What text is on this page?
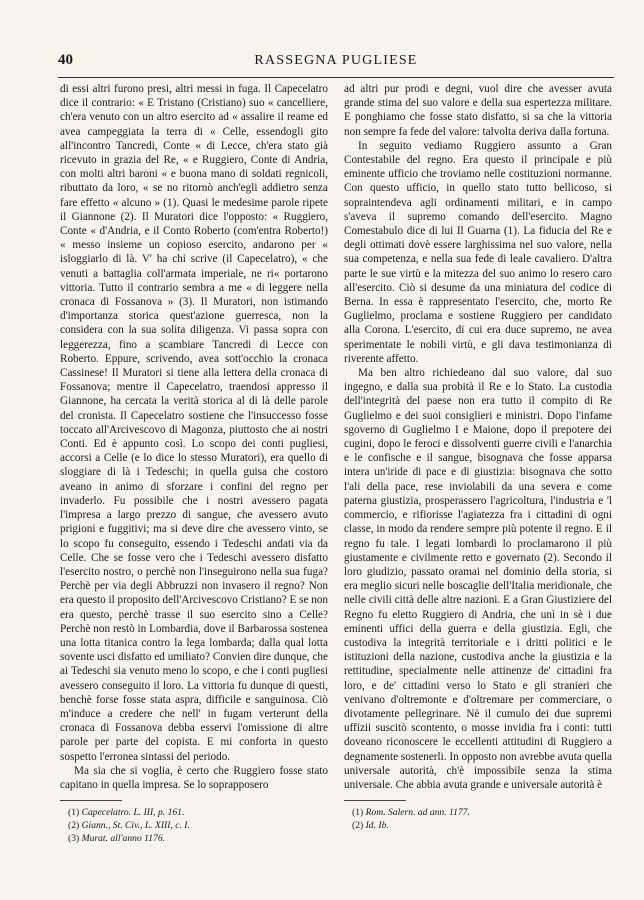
40	RASSEGNA PUGLIESE

di essi altri furono presi, altri messi in fuga. Il Capecelatro dice il contrario: « E Tristano (Cristiano) suo « cancelliere, ch'era venuto con un altro esercito ad « assalire il reame ed avea campeggiata la terra di « Celle, essendogli gito all'incontro Tancredi, Conte « di Lecce, ch'era stato già ricevuto in grazia del Re, « e Ruggiero, Conte di Andria, con molti altri baroni « e buona mano di soldati regnicoli, ributtato da loro, « se no ritornò anch'egli addietro senza fare effetto « alcuno » (1). Quasi le medesime parole ripete il Giannone (2). Il Muratori dice l'opposto: « Ruggiero, Conte « d'Andria, e il Conto Roberto (com'entra Roberto!) « messo insieme un copioso esercito, andarono per « isloggiarlo di là. V' ha chi scrive (il Capecelatro), « che venuti a battaglia coll'armata imperiale, ne ri« portarono vittoria. Tutto il contrario sembra a me « di leggere nella cronaca di Fossanova » (3). Il Muratori, non istimando d'importanza storica quest'azione guerresca, non la considera con la sua solita diligenza. Vi passa sopra con leggerezza, fino a scambiare Tancredi di Lecce con Roberto. Eppure, scrivendo, avea sott'occhio la cronaca Cassinese! Il Muratori si tiene alla lettera della cronaca di Fossanova; mentre il Capecelatro, traendosi appresso il Giannone, ha cercata la verità storica al di là delle parole del cronista. Il Capecelatro sostiene che l'insuccesso fosse toccato all'Arcivescovo di Magonza, piuttosto che ai nostri Conti. Ed è appunto così. Lo scopo dei conti pugliesi, accorsi a Celle (e lo dice lo stesso Muratori), era quello di sloggiare di là i Tedeschi; in quella guisa che costoro aveano in animo di sforzare i confini del regno per invaderlo. Fu possibile che i nostri avessero pagata l'impresa a largo prezzo di sangue, che avessero avuto prigioni e fuggitivi; ma si deve dire che avessero vinto, se lo scopo fu conseguito, essendo i Tedeschi andati via da Celle. Che se fosse vero che i Tedeschi avessero disfatto l'esercito nostro, o perchè non l'inseguirono nella sua fuga? Perchè per via degli Abbruzzi non invasero il regno? Non era questo il proposito dell'Arcivescovo Cristiano? E se non era questo, perchè trasse il suo esercito sino a Celle? Perchè non restò in Lombardia, dove il Barbarossa sostenea una lotta titanica contro la lega lombarda; dalla qual lotta sovente usci disfatto ed umiliato? Convien dire dunque, che ai Tedeschi sia venuto meno lo scopo, e che i conti pugliesi avessero conseguito il loro. La vittoria fu dunque di questi, benchè forse fosse stata aspra, difficile e sanguinosa. Ciò m'induce a credere che nell' in fugam verterunt della cronaca di Fossanova debba esservi l'omissione di altre parole per parte del copista. E mi conforta in questo sospetto l'erronea sintassi del periodo.

Ma sia che si voglia, è certo che Ruggiero fosse stato capitano in quella impresa. Se lo soprapposero

ad altri pur prodi e degni, vuol dire che avesser avuta grande stima del suo valore e della sua espertezza militare. E ponghiamo che fosse stato disfatto, si sa che la vittoria non sempre fa fede del valore: talvolta deriva dalla fortuna.

In seguito vediamo Ruggiero assunto a Gran Contestabile del regno. Era questo il principale e più eminente ufficio che troviamo nelle costituzioni normanne. Con questo ufficio, in quello stato tutto bellicoso, si sopraintendeva agli ordinamenti militari, e in campo s'aveva il supremo comando dell'esercito. Magno Comestabulo dice di lui Il Guarna (1). La fiducia del Re e degli ottimati dovè essere larghissima nel suo valore, nella sua competenza, e nella sua fede di leale cavaliero. D'altra parte le sue virtù e la mitezza del suo animo lo resero caro all'esercito. Ciò si desume da una miniatura del codice di Berna. In essa è rappresentato l'esercito, che, morto Re Guglielmo, proclama e sostiene Ruggiero per candidato alla Corona. L'esercito, di cui era duce supremo, ne avea sperimentate le nobili virtù, e gli dava testimonianza di riverente affetto.

Ma ben altro richiedeano dal suo valore, dal suo ingegno, e dalla sua probità il Re e lo Stato. La custodia dell'integrità del paese non era tutto il compito di Re Guglielmo e dei suoi consiglieri e ministri. Dopo l'infame sgoverno di Guglielmo I e Maione, dopo il prepotere dei cugini, dopo le feroci e dissolventi guerre civili e l'anarchia e le confische e il sangue, bisognava che fosse apparsa intera un'iride di pace e di giustizia: bisognava che sotto l'ali della pace, rese inviolabili da una severa e come paterna giustizia, prosperassero l'agricoltura, l'industria e 'l commercio, e rifiorisse l'agiatezza fra i cittadini di ogni classe, in modo da rendere sempre più potente il regno. E il regno fu tale. I legati lombardi lo proclamarono il più giustamente e civilmente retto e governato (2). Secondo il loro giudizio, passato oramai nel dominio della storia, si era meglio sicuri nelle boscaglie dell'Italia meridionale, che nelle civili città delle altre nazioni. E a Gran Giustiziere del Regno fu eletto Ruggiero di Andria, che unì in sè i due eminenti uffici della guerra e della giustizia. Egli, che custodiva la integrità territoriale e i dritti politici e le istituzioni della nazione, custodiva anche la giustizia e la rettitudine, specialmente nelle attinenze de' cittadini fra loro, e de' cittadini verso lo Stato e gli stranieri che venivano d'oltremonte e d'oltremare per commerciare, o divotamente pellegrinare. Nè il cumulo dei due supremi uffizii suscitò scontento, o mosse invidia fra i conti: tutti doveano riconoscere le eccellenti attitudini di Ruggiero a degnamente sostenerli. In opposto non avrebbe avuta quella universale autorità, ch'è impossibile senza la stima universale. Che abbia avuta grande e universale autorità è

(1) Capecelatro. L. III, p. 161.
(2) Giann., St. Civ., L. XIII, c. I.
(3) Murat. all'anno 1176.
(1) Rom. Salern. ad ann. 1177.
(2) Id. Ib.
